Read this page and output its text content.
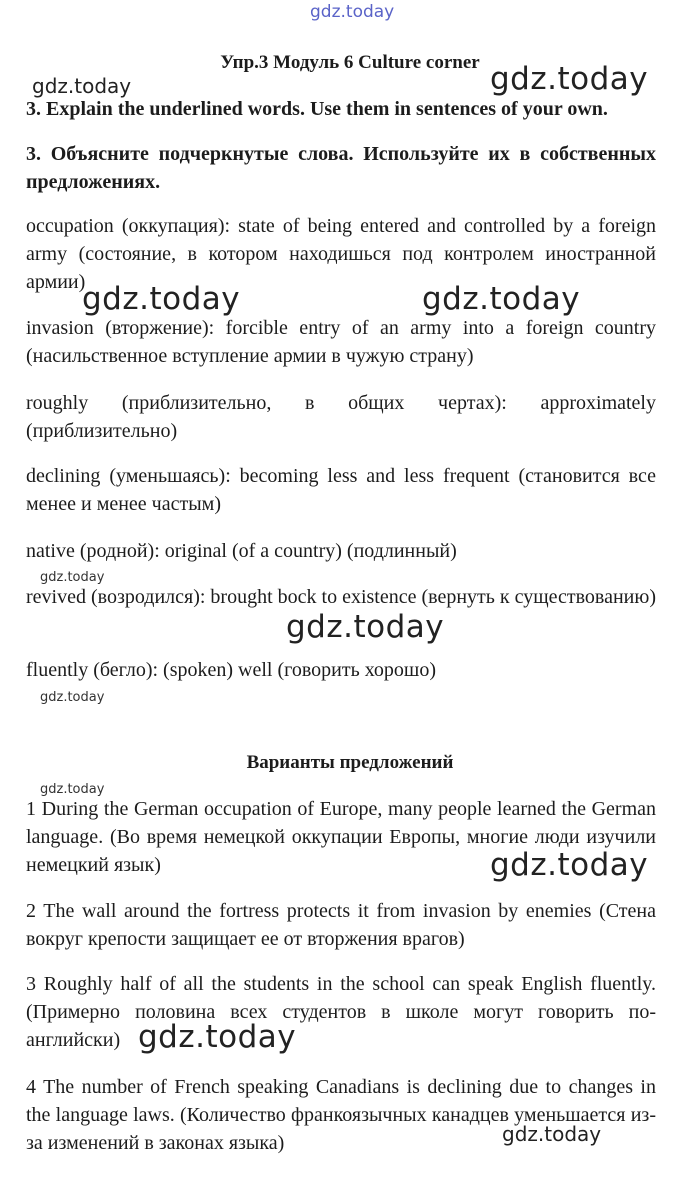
gdz.today
Упр.3 Модуль 6 Culture corner
gdz.today	gdz.today
3. Explain the underlined words. Use them in sentences of your own.
3. Объясните подчеркнутые слова. Используйте их в собственных предложениях.

occupation (оккупация): state of being entered and controlled by a foreign army (состояние, в котором находишься под контролем иностранной армии)

gdz.today	gdz.today

invasion (вторжение): forcible entry of an army into a foreign country (насильственное вступление армии в чужую страну)

roughly (приблизительно, в общих чертах): approximately (приблизительно)

declining (уменьшаясь): becoming less and less frequent (становится все менее и менее частым)

native (родной): original (of a country) (подлинный)

gdz.today

revived (возродился): brought bock to existence (вернуть к существованию)

gdz.today

fluently (бегло): (spoken) well (говорить хорошо)

gdz.today
Варианты предложений
gdz.today

1 During the German occupation of Europe, many people learned the German language. (Во время немецкой оккупации Европы, многие люди изучили немецкий язык)	gdz.today

2 The wall around the fortress protects it from invasion by enemies (Стена вокруг крепости защищает ее от вторжения врагов)

3 Roughly half of all the students in the school can speak English fluently. (Примерно половина всех студентов в школе могут говорить по-английски) gdz.today

4 The number of French speaking Canadians is declining due to changes in the language laws. (Количество франкоязычных канадцев уменьшается из-за изменений в законах языка)	gdz.today
